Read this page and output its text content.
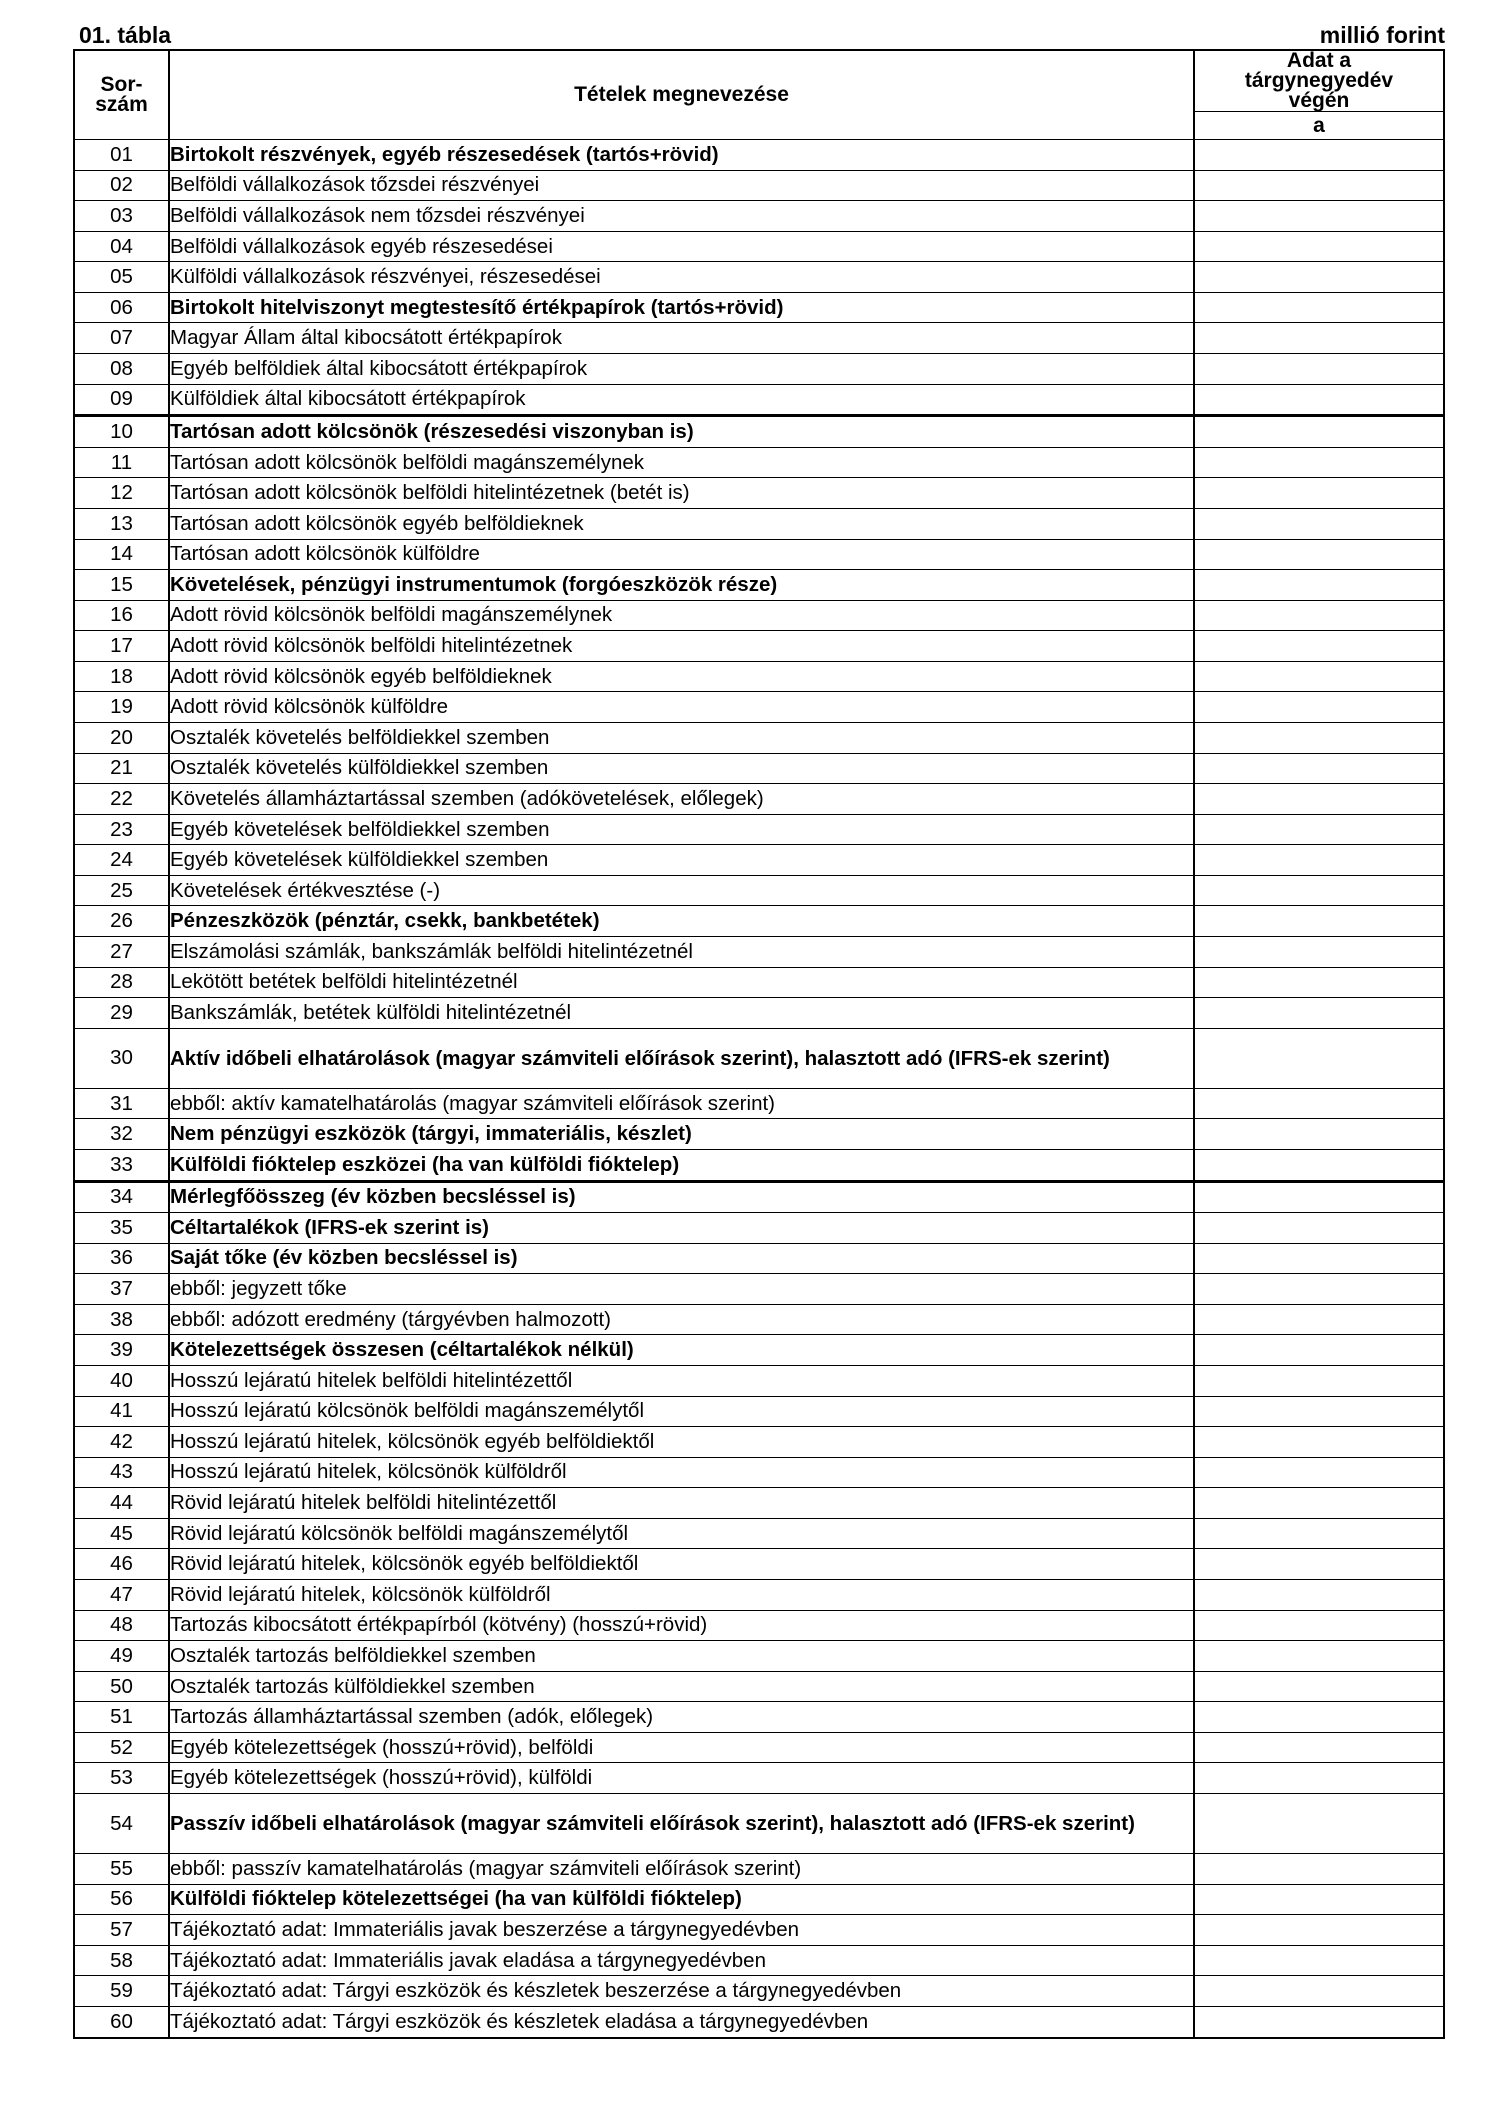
01. tábla	millió forint
Sor-
szám	Tételek megnevezése	Adat a
tárgynegyedév
végén
		a
01	Birtokolt részvények, egyéb részesedések (tartós+rövid)	
02	Belföldi vállalkozások tőzsdei részvényei	
03	Belföldi vállalkozások nem tőzsdei részvényei	
04	Belföldi vállalkozások egyéb részesedései	
05	Külföldi vállalkozások részvényei, részesedései	
06	Birtokolt hitelviszonyt megtestesítő értékpapírok (tartós+rövid)	
07	Magyar Állam által kibocsátott értékpapírok	
08	Egyéb belföldiek által kibocsátott értékpapírok	
09	Külföldiek által kibocsátott értékpapírok	
10	Tartósan adott kölcsönök (részesedési viszonyban is)	
11	Tartósan adott kölcsönök belföldi magánszemélynek	
12	Tartósan adott kölcsönök belföldi hitelintézetnek (betét is)	
13	Tartósan adott kölcsönök egyéb belföldieknek	
14	Tartósan adott kölcsönök külföldre	
15	Követelések, pénzügyi instrumentumok (forgóeszközök része)	
16	Adott rövid kölcsönök belföldi magánszemélynek	
17	Adott rövid kölcsönök belföldi hitelintézetnek	
18	Adott rövid kölcsönök egyéb belföldieknek	
19	Adott rövid kölcsönök külföldre	
20	Osztalék követelés belföldiekkel szemben	
21	Osztalék követelés külföldiekkel szemben	
22	Követelés államháztartással szemben (adókövetelések, előlegek)	
23	Egyéb követelések belföldiekkel szemben	
24	Egyéb követelések külföldiekkel szemben	
25	Követelések értékvesztése (-)	
26	Pénzeszközök (pénztár, csekk, bankbetétek)	
27	Elszámolási számlák, bankszámlák belföldi hitelintézetnél	
28	Lekötött betétek belföldi hitelintézetnél	
29	Bankszámlák, betétek külföldi hitelintézetnél	
30	Aktív időbeli elhatárolások (magyar számviteli előírások szerint), halasztott adó (IFRS-ek szerint)	
31	ebből: aktív kamatelhatárolás (magyar számviteli előírások szerint)	
32	Nem pénzügyi eszközök (tárgyi, immateriális, készlet)	
33	Külföldi fióktelep eszközei (ha van külföldi fióktelep)	
34	Mérlegfőösszeg (év közben becsléssel is)	
35	Céltartalékok (IFRS-ek szerint is)	
36	Saját tőke (év közben becsléssel is)	
37	ebből: jegyzett tőke	
38	ebből: adózott eredmény (tárgyévben halmozott)	
39	Kötelezettségek összesen (céltartalékok nélkül)	
40	Hosszú lejáratú hitelek belföldi hitelintézettől	
41	Hosszú lejáratú kölcsönök belföldi magánszemélytől	
42	Hosszú lejáratú hitelek, kölcsönök egyéb belföldiektől	
43	Hosszú lejáratú hitelek, kölcsönök külföldről	
44	Rövid lejáratú hitelek belföldi hitelintézettől	
45	Rövid lejáratú kölcsönök belföldi magánszemélytől	
46	Rövid lejáratú hitelek, kölcsönök egyéb belföldiektől	
47	Rövid lejáratú hitelek, kölcsönök külföldről	
48	Tartozás kibocsátott értékpapírból (kötvény) (hosszú+rövid)	
49	Osztalék tartozás belföldiekkel szemben	
50	Osztalék tartozás külföldiekkel szemben	
51	Tartozás államháztartással szemben (adók, előlegek)	
52	Egyéb kötelezettségek (hosszú+rövid), belföldi	
53	Egyéb kötelezettségek (hosszú+rövid), külföldi	
54	Passzív időbeli elhatárolások (magyar számviteli előírások szerint), halasztott adó (IFRS-ek szerint)	
55	ebből: passzív kamatelhatárolás (magyar számviteli előírások szerint)	
56	Külföldi fióktelep kötelezettségei (ha van külföldi fióktelep)	
57	Tájékoztató adat: Immateriális javak beszerzése a tárgynegyedévben	
58	Tájékoztató adat: Immateriális javak eladása a tárgynegyedévben	
59	Tájékoztató adat: Tárgyi eszközök és készletek beszerzése a tárgynegyedévben	
60	Tájékoztató adat: Tárgyi eszközök és készletek eladása a tárgynegyedévben	
